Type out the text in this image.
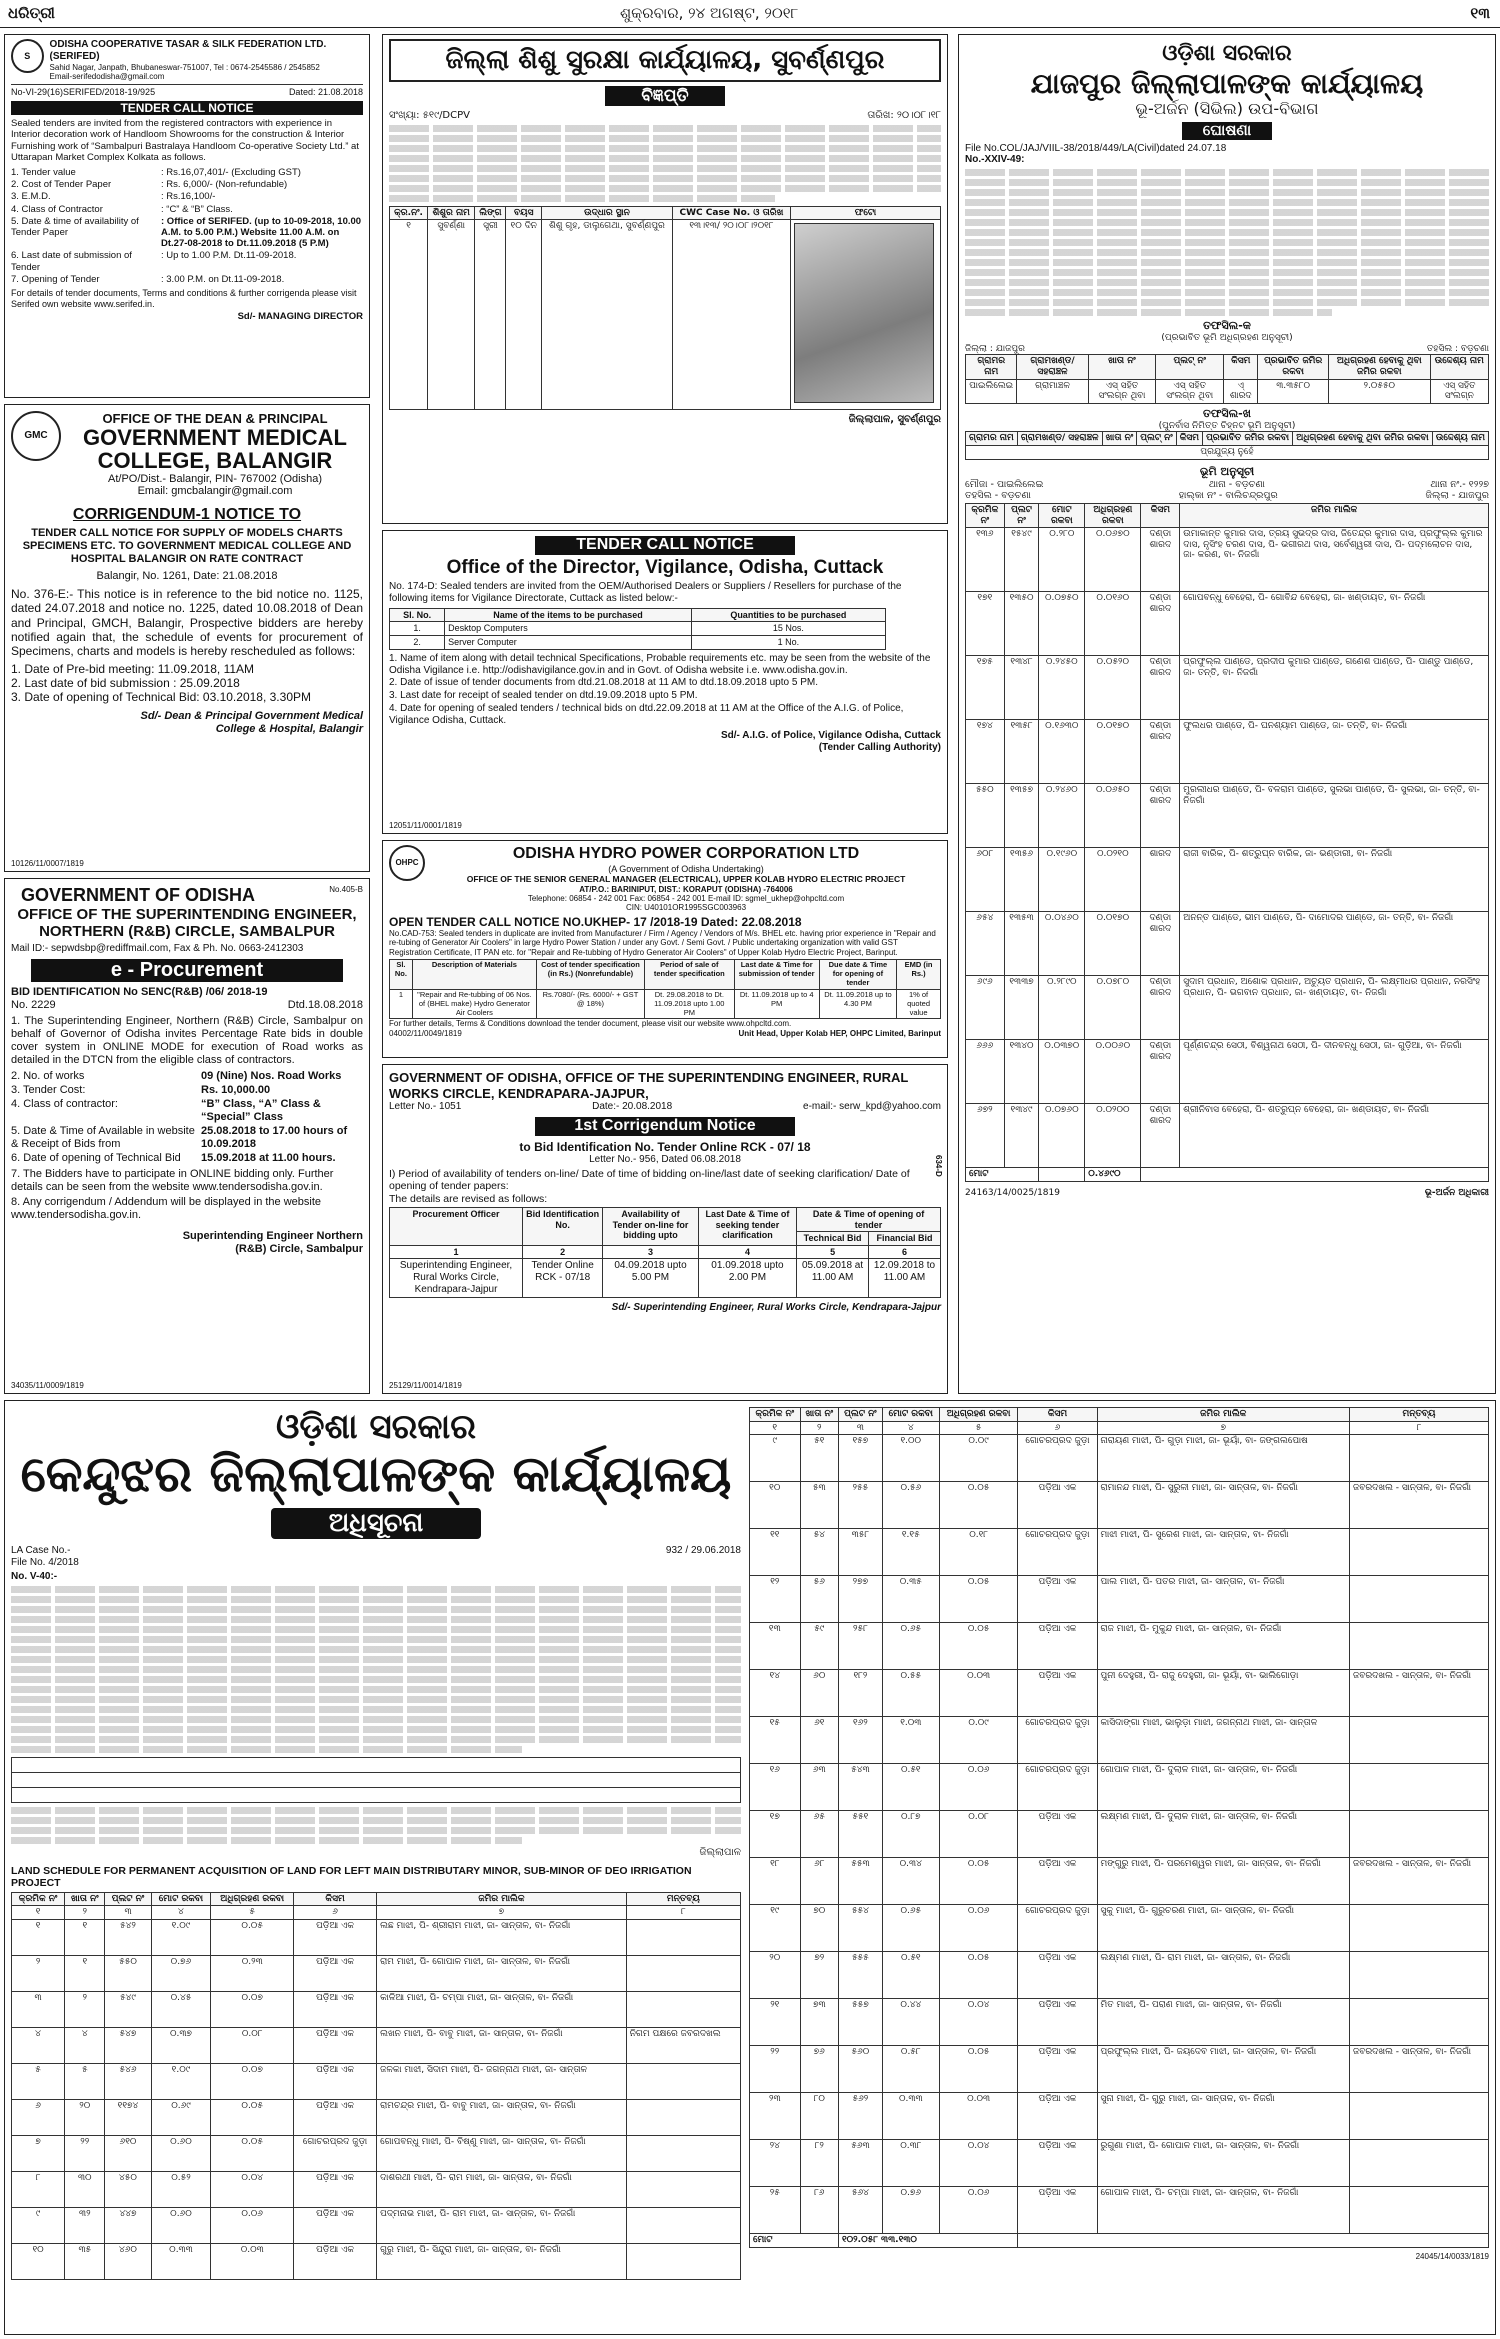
ଧରିତ୍ରୀ	ଶୁକ୍ରବାର, ୨୪ ଅଗଷ୍ଟ, ୨୦୧୮	୧୩
S
ODISHA COOPERATIVE TASAR & SILK FEDERATION LTD. (SERIFED)
Sahid Nagar, Janpath, Bhubaneswar-751007, Tel : 0674-2545586 / 2545852
Email-serifedodisha@gmail.com
No-VI-29(16)SERIFED/2018-19/925	Dated: 21.08.2018
TENDER CALL NOTICE
Sealed tenders are invited from the registered contractors with experience in Interior decoration work of Handloom Showrooms for the construction & Interior Furnishing work of “Sambalpuri Bastralaya Handloom Co-operative Society Ltd.” at Uttarapan Market Complex Kolkata as follows.
1. Tender value	: Rs.16,07,401/- (Excluding GST)
2. Cost of Tender Paper	: Rs. 6,000/- (Non-refundable)
3. E.M.D.	: Rs.16,100/-
4. Class of Contractor	: “C” & “B” Class.
5. Date & time of availability of Tender Paper
: Office of SERIFED. (up to 10-09-2018, 10.00 A.M. to 5.00 P.M.) Website 11.00 A.M. on Dt.27-08-2018 to Dt.11.09.2018 (5 P.M)
6. Last date of submission of Tender
: Up to 1.00 P.M. Dt.11-09-2018.
7. Opening of Tender	: 3.00 P.M. on Dt.11-09-2018.
For details of tender documents, Terms and conditions & further corrigenda please visit Serifed own website www.serifed.in.
Sd/- MANAGING DIRECTOR
GMC
OFFICE OF THE DEAN & PRINCIPAL
GOVERNMENT MEDICAL COLLEGE, BALANGIR
At/PO/Dist.- Balangir, PIN- 767002 (Odisha)
Email: gmcbalangir@gmail.com
CORRIGENDUM-1 NOTICE TO
TENDER CALL NOTICE FOR SUPPLY OF MODELS CHARTS SPECIMENS ETC. TO GOVERNMENT MEDICAL COLLEGE AND HOSPITAL BALANGIR ON RATE CONTRACT
Balangir, No. 1261, Date: 21.08.2018
No. 376-E:- This notice is in reference to the bid notice no. 1125, dated 24.07.2018 and notice no. 1225, dated 10.08.2018 of Dean and Principal, GMCH, Balangir, Prospective bidders are hereby notified again that, the schedule of events for procurement of Specimens, charts and models is hereby rescheduled as follows:
1. Date of Pre-bid meeting: 11.09.2018, 11AM
2. Last date of bid submission : 25.09.2018
3. Date of opening of Technical Bid: 03.10.2018, 3.30PM
Sd/- Dean & Principal Government Medical College & Hospital, Balangir
10126/11/0007/1819
GOVERNMENT OF ODISHA	No.405-B
OFFICE OF THE SUPERINTENDING ENGINEER, NORTHERN (R&B) CIRCLE, SAMBALPUR
Mail ID:- sepwdsbp@rediffmail.com, Fax & Ph. No. 0663-2412303
e - Procurement
BID IDENTIFICATION No SENC(R&B) /06/ 2018-19
No. 2229	Dtd.18.08.2018
1. The Superintending Engineer, Northern (R&B) Circle, Sambalpur on behalf of Governor of Odisha invites Percentage Rate bids in double cover system in ONLINE MODE for execution of Road works as detailed in the DTCN from the eligible class of contractors.
2. No. of works	09 (Nine) Nos. Road Works
3. Tender Cost:	Rs. 10,000.00
4. Class of contractor:	“B” Class, “A” Class & “Special” Class
5. Date & Time of Available in website & Receipt of Bids from
25.08.2018 to 17.00 hours of 10.09.2018
6. Date of opening of Technical Bid	15.09.2018 at 11.00 hours.
7. The Bidders have to participate in ONLINE bidding only. Further details can be seen from the website www.tendersodisha.gov.in.
8. Any corrigendum / Addendum will be displayed in the website www.tendersodisha.gov.in.
Superintending Engineer Northern (R&B) Circle, Sambalpur
34035/11/0009/1819
ଜିଲ୍ଲା ଶିଶୁ ସୁରକ୍ଷା କାର୍ଯ୍ୟାଳୟ, ସୁବର୍ଣ୍ଣପୁର
ବିଜ୍ଞପ୍ତି
ସଂଖ୍ୟା: ୫୧୯/DCPV	ତାରିଖ: ୨୦।୦୮।୧୮
କ୍ର.ନଂ.	ଶିଶୁର ନାମ	ଲିଙ୍ଗ	ବୟସ	ଉଦ୍ଧାର ସ୍ଥାନ	CWC Case No. ଓ ତାରିଖ	ଫଟୋ
୧	ସୁବର୍ଣ୍ଣା	ସ୍ତ୍ରୀ	୧୦ ଦିନ	ଶିଶୁ ଗୃହ, ଡାଲୁଗେଥା, ସୁବର୍ଣ୍ଣପୁର	୧୩।୧୩/ ୨୦।୦୮।୨୦୧୮	
ଜିଲ୍ଲାପାଳ, ସୁବର୍ଣ୍ଣପୁର
TENDER CALL NOTICE
Office of the Director, Vigilance, Odisha, Cuttack
No. 174-D: Sealed tenders are invited from the OEM/Authorised Dealers or Suppliers / Resellers for purchase of the following items for Vigilance Directorate, Cuttack as listed below:-
Sl. No.	Name of the items to be purchased	Quantities to be purchased
1.	Desktop Computers	15 Nos.
2.	Server Computer	1 No.
1. Name of item along with detail technical Specifications, Probable requirements etc. may be seen from the website of the Odisha Vigilance i.e. http://odishavigilance.gov.in and in Govt. of Odisha website i.e. www.odisha.gov.in.
2. Date of issue of tender documents from dtd.21.08.2018 at 11 AM to dtd.18.09.2018 upto 5 PM.
3. Last date for receipt of sealed tender on dtd.19.09.2018 upto 5 PM.
4. Date for opening of sealed tenders / technical bids on dtd.22.09.2018 at 11 AM at the Office of the A.I.G. of Police, Vigilance Odisha, Cuttack.
Sd/- A.I.G. of Police, Vigilance Odisha, Cuttack (Tender Calling Authority)
12051/11/0001/1819
OHPC
ODISHA HYDRO POWER CORPORATION LTD
(A Government of Odisha Undertaking)
OFFICE OF THE SENIOR GENERAL MANAGER (ELECTRICAL), UPPER KOLAB HYDRO ELECTRIC PROJECT
AT/P.O.: BARINIPUT, DIST.: KORAPUT (ODISHA) -764006
Telephone: 06854 - 242 001 Fax: 06854 - 242 001 E-mail ID: sgmel_ukhep@ohpcltd.com
CIN: U40101OR1995SGC003963
OPEN TENDER CALL NOTICE NO.UKHEP- 17 /2018-19 Dated: 22.08.2018
No.CAD-753: Sealed tenders in duplicate are invited from Manufacturer / Firm / Agency / Vendors of M/s. BHEL etc. having prior experience in "Repair and re-tubing of Generator Air Coolers" in large Hydro Power Station / under any Govt. / Semi Govt. / Public undertaking organization with valid GST Registration Certificate, IT PAN etc. for "Repair and Re-tubbing of Hydro Generator Air Coolers" of Upper Kolab Hydro Electric Project, Barinput.
Sl. No.	Description of Materials	Cost of tender specification (in Rs.) (Nonrefundable)	Period of sale of tender specification	Last date & Time for submission of tender	Due date & Time for opening of tender	EMD (in Rs.)
1	"Repair and Re-tubbing of 06 Nos. of (BHEL make) Hydro Generator Air Coolers	Rs.7080/- (Rs. 6000/- + GST @ 18%)	Dt. 29.08.2018 to Dt. 11.09.2018 upto 1.00 PM	Dt. 11.09.2018 up to 4 PM	Dt. 11.09.2018 up to 4.30 PM	1% of quoted value
For further details, Terms & Conditions download the tender document, please visit our website www.ohpcltd.com.
04002/11/0049/1819	Unit Head, Upper Kolab HEP, OHPC Limited, Barinput
GOVERNMENT OF ODISHA, OFFICE OF THE SUPERINTENDING ENGINEER, RURAL WORKS CIRCLE, KENDRAPARA-JAJPUR,
Letter No.- 1051	Date:- 20.08.2018	e-mail:- serw_kpd@yahoo.com
634-D
1st Corrigendum Notice
to Bid Identification No. Tender Online RCK - 07/ 18
Letter No.- 956, Dated 06.08.2018
I) Period of availability of tenders on-line/ Date of time of bidding on-line/last date of seeking clarification/ Date of opening of tender papers:
The details are revised as follows:
Procurement Officer	Bid Identification No.	Availability of Tender on-line for bidding upto	Last Date & Time of seeking tender clarification	Date & Time of opening of tender	
				Technical Bid	Financial Bid
1	2	3	4	5	6
Superintending Engineer, Rural Works Circle, Kendrapara-Jajpur	Tender Online RCK - 07/18	04.09.2018 upto 5.00 PM	01.09.2018 upto 2.00 PM	05.09.2018 at 11.00 AM	12.09.2018 to 11.00 AM
Sd/- Superintending Engineer, Rural Works Circle, Kendrapara-Jajpur
25129/11/0014/1819
ଓଡ଼ିଶା ସରକାର
ଯାଜପୁର ଜିଲ୍ଲାପାଳଙ୍କ କାର୍ଯ୍ୟାଳୟ
ଭୂ-ଅର୍ଜନ (ସିଭିଲ) ଉପ-ବିଭାଗ
ଘୋଷଣା
File No.COL/JAJ/VIIL-38/2018/449/LA(Civil)dated 24.07.18
No.-XXIV-49:
ତଫସିଲ-କ
(ପ୍ରଭାବିତ ଭୂମି ଅଧିଗ୍ରହଣ ଅନୁସୂଚୀ)
ଜିଲ୍ଲା : ଯାଜପୁର	ତହସିଲ : ବଡ଼ଚଣା
ଗ୍ରାମର ନାମ	ଗ୍ରାମଖଣ୍ଡ/ ସହରାଞ୍ଚଳ	ଖାତା ନଂ	ପ୍ଲଟ୍ ନଂ	କିସମ	ପ୍ରଭାବିତ ଜମିର ରକବା	ଅଧିଗ୍ରହଣ ହେବାକୁ ଥିବା ଜମିର ରକବା	ଉଦ୍ଦେଶ୍ୟ ନାମ
ପାଇଲିଲେଇ	ଗ୍ରାମାଞ୍ଚଳ	ଏସ୍ ସହିତ ସଂଲଗ୍ନ ଥିବା	ଏସ୍ ସହିତ ସଂଲଗ୍ନ ଥିବା	ଏ୍ ଶାରଦ	୩.୩୫୮୦	୨.୦୫୫୦	ଏସ୍ ସହିତ ସଂଲଗ୍ନ
ତଫସିଲ-ଖ
(ପୁନର୍ବାସ ନିମିତ୍ତ ଚିହ୍ନଟ ଭୂମି ଅନୁସୂଚୀ)
ଗ୍ରାମର ନାମ	ଗ୍ରାମଖଣ୍ଡ/ ସହରାଞ୍ଚଳ	ଖାତା ନଂ	ପ୍ଲଟ୍ ନଂ	କିସମ	ପ୍ରଭାବିତ ଜମିର ରକବା	ଅଧିଗ୍ରହଣ ହେବାକୁ ଥିବା ଜମିର ରକବା	ଉଦ୍ଦେଶ୍ୟ ନାମ
ପ୍ରଯୁଜ୍ୟ ନୁହେଁ
ଭୂମି ଅନୁସୂଚୀ
ମୌଜା - ପାଇଲିଲେଇ	ଥାନା - ବଡ଼ଚଣା	ଥାନା ନଂ.- ୧୨୨୭
ତହସିଲ - ବଡ଼ଚଣା	ହାଲ୍କା ନଂ - ବାଲିଚନ୍ଦ୍ରପୁର	ଜିଲ୍ଲା - ଯାଜପୁର
କ୍ରମିକ ନଂ	ପ୍ଲଟ ନଂ	ମୋଟ ରକବା	ଅଧିଗ୍ରହଣ ରକବା	କିସମ	ଜମିର ମାଲିକ
୧୩୬	୧୫୪୯	୦.୨୮୦	୦.୦୬୭୦	ଦଣ୍ଡା ଶାରଦ	ଉମାକାନ୍ତ କୁମାର ଦାସ, ତ୍ରୟ ସୁଭଦ୍ର ଦାସ, ଜିତେନ୍ଦ୍ର କୁମାର ଦାସ, ପ୍ରଫୁଲ୍ଲ କୁମାର ଦାସ, ନୃସିଂହ ଚରଣ ଦାସ, ପି- ଭଗୀରଥ ଦାସ, ସର୍ବେଶ୍ୱରୀ ଦାସ, ପି- ପଦ୍ମଲୋଚନ ଦାସ, ଜା- କରଣ, ବା- ନିଜଗାଁ
୧୭୧	୧୩୫୦	୦.୦୭୫୦	୦.୦୧୬୦	ଦଣ୍ଡା ଶାରଦ	ଗୋପବନ୍ଧୁ ବେହେରା, ପି- ଗୋବିନ୍ଦ ବେହେରା, ଜା- ଖଣ୍ଡାୟତ, ବା- ନିଜଗାଁ
୧୭୫	୧୩୪୮	୦.୨୪୫୦	୦.୦୫୨୦	ଦଣ୍ଡା ଶାରଦ	ପ୍ରଫୁଲ୍ଲ ପାଣ୍ଡେ, ପ୍ରଦୀପ କୁମାର ପାଣ୍ଡେ, ଗଣେଶ ପାଣ୍ଡେ, ପି- ପାଣ୍ଡୁ ପାଣ୍ଡେ, ଜା- ତନ୍ତି, ବା- ନିଜଗାଁ
୧୭୪	୧୩୫୮	୦.୧୬୩୦	୦.୦୧୭୦	ଦଣ୍ଡା ଶାରଦ	ଫୁଲଧର ପାଣ୍ଡେ, ପି- ଘନଶ୍ୟାମ ପାଣ୍ଡେ, ଜା- ତନ୍ତି, ବା- ନିଜଗାଁ
୫୫୦	୧୩୫୭	୦.୨୪୬୦	୦.୦୬୫୦	ଦଣ୍ଡା ଶାରଦ	ମୁରଲୀଧର ପାଣ୍ଡେ, ପି- ବଳରାମ ପାଣ୍ଡେ, ସୁଲଭା ପାଣ୍ଡେ, ପି- ସୁଲଭା, ଜା- ତନ୍ତି, ବା- ନିଜଗାଁ
୬୦୮	୧୩୫୬	୦.୧୯୬୦	୦.୦୨୧୦	ଶାରଦ	ରାଜୀ ବାରିକ, ପି- ଶତ୍ରୁଘ୍ନ ବାରିକ, ଜା- ଭଣ୍ଡାରୀ, ବା- ନିଜଗାଁ
୬୫୪	୧୩୫୩	୦.୦୪୬୦	୦.୦୧୭୦	ଦଣ୍ଡା ଶାରଦ	ଅନନ୍ତ ପାଣ୍ଡେ, ଭୀମ ପାଣ୍ଡେ, ପି- ଦାମୋଦର ପାଣ୍ଡେ, ଜା- ତନ୍ତି, ବା- ନିଜଗାଁ
୬୯୬	୧୩୩୭	୦.୨୮୯୦	୦.୦୭୮୦	ଦଣ୍ଡା ଶାରଦ	ସୁଦାମ ପ୍ରଧାନ, ଅଶୋକ ପ୍ରଧାନ, ଅଚ୍ୟୁତ ପ୍ରଧାନ, ପି- ଲକ୍ଷ୍ମୀଧର ପ୍ରଧାନ, ନରସିଂହ ପ୍ରଧାନ, ପି- ଭଗବାନ ପ୍ରଧାନ, ଜା- ଖଣ୍ଡାୟତ, ବା- ନିଜଗାଁ
୬୬୬	୧୩୪୦	୦.୦୩୭୦	୦.୦୦୬୦	ଦଣ୍ଡା ଶାରଦ	ପୂର୍ଣ୍ଣଚନ୍ଦ୍ର ସେଠୀ, ବିଶ୍ୱନାଥ ସେଠୀ, ପି- ଦୀନବନ୍ଧୁ ସେଠୀ, ଜା- ଗୁଡ଼ିଆ, ବା- ନିଜଗାଁ
୬୭୨	୧୩୪୯	୦.୦୭୬୦	୦.୦୨୦୦	ଦଣ୍ଡା ଶାରଦ	ଶ୍ରୀନିବାସ ବେହେରା, ପି- ଶତ୍ରୁଘ୍ନ ବେହେରା, ଜା- ଖଣ୍ଡାୟତ, ବା- ନିଜଗାଁ
ମୋଟ			୦.୪୬୯୦		
24163/14/0025/1819	ଭୂ-ଅର୍ଜନ ଅଧିକାରୀ
ଓଡ଼ିଶା ସରକାର
କେନ୍ଦୁଝର ଜିଲ୍ଲାପାଳଙ୍କ କାର୍ଯ୍ୟାଳୟ
ଅଧିସୂଚନା
LA Case No.-	932 / 29.06.2018
File No. 4/2018
No. V-40:-
ଜିଲ୍ଲାପାଳ
LAND SCHEDULE FOR PERMANENT ACQUISITION OF LAND FOR LEFT MAIN DISTRIBUTARY MINOR, SUB-MINOR OF DEO IRRIGATION PROJECT
କ୍ରମିକ ନଂ	ଖାତା ନଂ	ପ୍ଲଟ ନଂ	ମୋଟ ରକବା	ଅଧିଗ୍ରହଣ ରକବା	କିସମ	ଜମିର ମାଲିକ	ମନ୍ତବ୍ୟ
୧	୨	୩	୪	୫	୬	୭	୮
୧	୧	୫୪୨	୧.୦୯	୦.୦୫	ପଡ଼ିଆ ଏକ	ଲଛ ମାଝୀ, ପି- ଶ୍ରୀରାମ ମାଝୀ, ଜା- ସାନ୍ତାଳ, ବା- ନିଜଗାଁ	
୨	୧	୫୫୦	୦.୭୬	୦.୨୩	ପଡ଼ିଆ ଏକ	ରାମ ମାଝୀ, ପି- ଗୋପାଳ ମାଝୀ, ଜା- ସାନ୍ତାଳ, ବା- ନିଜଗାଁ	
୩	୨	୫୪୯	୦.୪୫	୦.୦୭	ପଡ଼ିଆ ଏକ	କାଳିଆ ମାଝୀ, ପି- ଚମ୍ପା ମାଝୀ, ଜା- ସାନ୍ତାଳ, ବା- ନିଜଗାଁ	
୪	୪	୫୪୭	୦.୩୭	୦.୦୮	ପଡ଼ିଆ ଏକ	ଲଖନ ମାଝୀ, ପି- ବାବୁ ମାଝୀ, ଜା- ସାନ୍ତାଳ, ବା- ନିଜଗାଁ	ନିଗମ ପକ୍ଷରେ ଜବରଦଖଲ
୫	୫	୫୪୬	୧.୦୯	୦.୦୭	ପଡ଼ିଆ ଏକ	ଜଳକା ମାଝୀ, ସିଦାମ ମାଝୀ, ପି- ଜଗନ୍ନାଥ ମାଝୀ, ଜା- ସାନ୍ତାଳ	
୬	୨୦	୧୧୭୪	୦.୬୯	୦.୦୫	ପଡ଼ିଆ ଏକ	ରାମଚନ୍ଦ୍ର ମାଝୀ, ପି- ବାବୁ ମାଝୀ, ଜା- ସାନ୍ତାଳ, ବା- ନିଜଗାଁ	
୭	୨୨	୬୧୦	୦.୬୦	୦.୦୫	ଗୋଚରପ୍ରଦ ଜୁଡ଼ା	ଗୋପବନ୍ଧୁ ମାଝୀ, ପି- ବିଷ୍ଣୁ ମାଝୀ, ଜା- ସାନ୍ତାଳ, ବା- ନିଜଗାଁ	
୮	୩୦	୪୫୦	୦.୫୨	୦.୦୪	ପଡ଼ିଆ ଏକ	ଦାଶରଥୀ ମାଝୀ, ପି- ରାମ ମାଝୀ, ଜା- ସାନ୍ତାଳ, ବା- ନିଜଗାଁ	
୯	୩୨	୪୪୭	୦.୬୦	୦.୦୬	ପଡ଼ିଆ ଏକ	ପଦ୍ମନାଭ ମାଝୀ, ପି- ରାମ ମାଝୀ, ଜା- ସାନ୍ତାଳ, ବା- ନିଜଗାଁ	
୧୦	୩୫	୪୬୦	୦.୩୩	୦.୦୩	ପଡ଼ିଆ ଏକ	ଗୁରୁ ମାଝୀ, ପି- ସିନ୍ଦୁରା ମାଝୀ, ଜା- ସାନ୍ତାଳ, ବା- ନିଜଗାଁ	
କ୍ରମିକ ନଂ	ଖାତା ନଂ	ପ୍ଲଟ ନଂ	ମୋଟ ରକବା	ଅଧିଗ୍ରହଣ ରକବା	କିସମ	ଜମିର ମାଲିକ	ମନ୍ତବ୍ୟ
୧	୨	୩	୪	୫	୬	୭	୮
୯	୫୧	୧୫୭	୧.୦୦	୦.୦୯	ଗୋଚରପ୍ରଦ ଜୁଡ଼ା	ନାରାୟଣ ମାଝୀ, ପି- ଗୁଡ଼ା ମାଝୀ, ଜା- ଭୂୟାଁ, ବା- ଜଙ୍ଗଲପୋଷ	
୧୦	୫୩	୨୫୫	୦.୫୬	୦.୦୫	ପଡ଼ିଆ ଏକ	ରାମାନନ୍ଦ ମାଝୀ, ପି- ସୁରୁଳୀ ମାଝୀ, ଜା- ସାନ୍ତାଳ, ବା- ନିଜଗାଁ	ଜବରଦଖଲ - ସାନ୍ତାଳ, ବା- ନିଜଗାଁ
୧୧	୫୪	୩୫୮	୧.୧୫	୦.୧୮	ଗୋଚରପ୍ରଦ ଜୁଡ଼ା	ମାଝୀ ମାଝୀ, ପି- ସୁରେଶ ମାଝୀ, ଜା- ସାନ୍ତାଳ, ବା- ନିଜଗାଁ	
୧୨	୫୬	୨୭୭	୦.୩୫	୦.୦୫	ପଡ଼ିଆ ଏକ	ପାଲ ମାଝୀ, ପି- ପତର ମାଝୀ, ଜା- ସାନ୍ତାଳ, ବା- ନିଜଗାଁ	
୧୩	୫୯	୨୫୮	୦.୬୫	୦.୦୫	ପଡ଼ିଆ ଏକ	ରାଜ ମାଝୀ, ପି- ମୁକୁନ୍ଦ ମାଝୀ, ଜା- ସାନ୍ତାଳ, ବା- ନିଜଗାଁ	
୧୪	୬୦	୧୮୨	୦.୫୫	୦.୦୩	ପଡ଼ିଆ ଏକ	ପୁନୀ ଦେହୁରୀ, ପି- ରାଜୁ ଦେହୁରୀ, ଜା- ଭୂୟାଁ, ବା- ଭାଲିଗୋଡ଼ା	ଜବରଦଖଲ - ସାନ୍ତାଳ, ବା- ନିଜଗାଁ
୧୫	୬୧	୧୬୨	୧.୦୩	୦.୦୯	ଗୋଚରପ୍ରଦ ଜୁଡ଼ା	କାସିଦାଙ୍ଗା ମାଝୀ, ଭାଲୁଡ଼ା ମାଝୀ, ଜଗନ୍ନାଥ ମାଝୀ, ଜା- ସାନ୍ତାଳ	
୧୬	୬୩	୫୪୩	୦.୫୧	୦.୦୬	ଗୋଚରପ୍ରଦ ଜୁଡ଼ା	ଗୋପାଳ ମାଝୀ, ପି- ଦୁଲାଳ ମାଝୀ, ଜା- ସାନ୍ତାଳ, ବା- ନିଜଗାଁ	
୧୭	୬୫	୫୫୧	୦.୮୭	୦.୦୮	ପଡ଼ିଆ ଏକ	ଲକ୍ଷ୍ମଣ ମାଝୀ, ପି- ଦୁଲାଳ ମାଝୀ, ଜା- ସାନ୍ତାଳ, ବା- ନିଜଗାଁ	
୧୮	୬୮	୫୫୩	୦.୩୪	୦.୦୫	ପଡ଼ିଆ ଏକ	ମଙ୍ଗୁରୁ ମାଝୀ, ପି- ପରମେଶ୍ୱର ମାଝୀ, ଜା- ସାନ୍ତାଳ, ବା- ନିଜଗାଁ	ଜବରଦଖଲ - ସାନ୍ତାଳ, ବା- ନିଜଗାଁ
୧୯	୭୦	୫୫୪	୦.୬୫	୦.୦୬	ଗୋଚରପ୍ରଦ ଜୁଡ଼ା	ସୁକୁ ମାଝୀ, ପି- ଗୁରୁଚରଣ ମାଝୀ, ଜା- ସାନ୍ତାଳ, ବା- ନିଜଗାଁ	
୨୦	୭୨	୫୫୫	୦.୫୧	୦.୦୫	ପଡ଼ିଆ ଏକ	ଲକ୍ଷ୍ମଣ ମାଝୀ, ପି- ରାମ ମାଝୀ, ଜା- ସାନ୍ତାଳ, ବା- ନିଜଗାଁ	
୨୧	୭୩	୫୫୭	୦.୪୪	୦.୦୪	ପଡ଼ିଆ ଏକ	ମିତ ମାଝୀ, ପି- ପରାଣ ମାଝୀ, ଜା- ସାନ୍ତାଳ, ବା- ନିଜଗାଁ	
୨୨	୭୬	୫୬୦	୦.୫୮	୦.୦୫	ପଡ଼ିଆ ଏକ	ପ୍ରଫୁଲ୍ଲ ମାଝୀ, ପି- ଜୟଦେବ ମାଝୀ, ଜା- ସାନ୍ତାଳ, ବା- ନିଜଗାଁ	ଜବରଦଖଲ - ସାନ୍ତାଳ, ବା- ନିଜଗାଁ
୨୩	୮୦	୫୬୨	୦.୩୩	୦.୦୩	ପଡ଼ିଆ ଏକ	ସୁନା ମାଝୀ, ପି- ଗୁରୁ ମାଝୀ, ଜା- ସାନ୍ତାଳ, ବା- ନିଜଗାଁ	
୨୪	୮୨	୫୬୩	୦.୩୮	୦.୦୪	ପଡ଼ିଆ ଏକ	ରୁଗୁଣା ମାଝୀ, ପି- ଗୋପାଳ ମାଝୀ, ଜା- ସାନ୍ତାଳ, ବା- ନିଜଗାଁ	
୨୫	୮୬	୫୬୪	୦.୭୬	୦.୦୬	ପଡ଼ିଆ ଏକ	ଗୋପାଳ ମାଝୀ, ପି- ଚମ୍ପା ମାଝୀ, ଜା- ସାନ୍ତାଳ, ବା- ନିଜଗାଁ	
ମୋଟ		୧୦୨.୦୫୮ ୩୩.୧୩୦					
24045/14/0033/1819
